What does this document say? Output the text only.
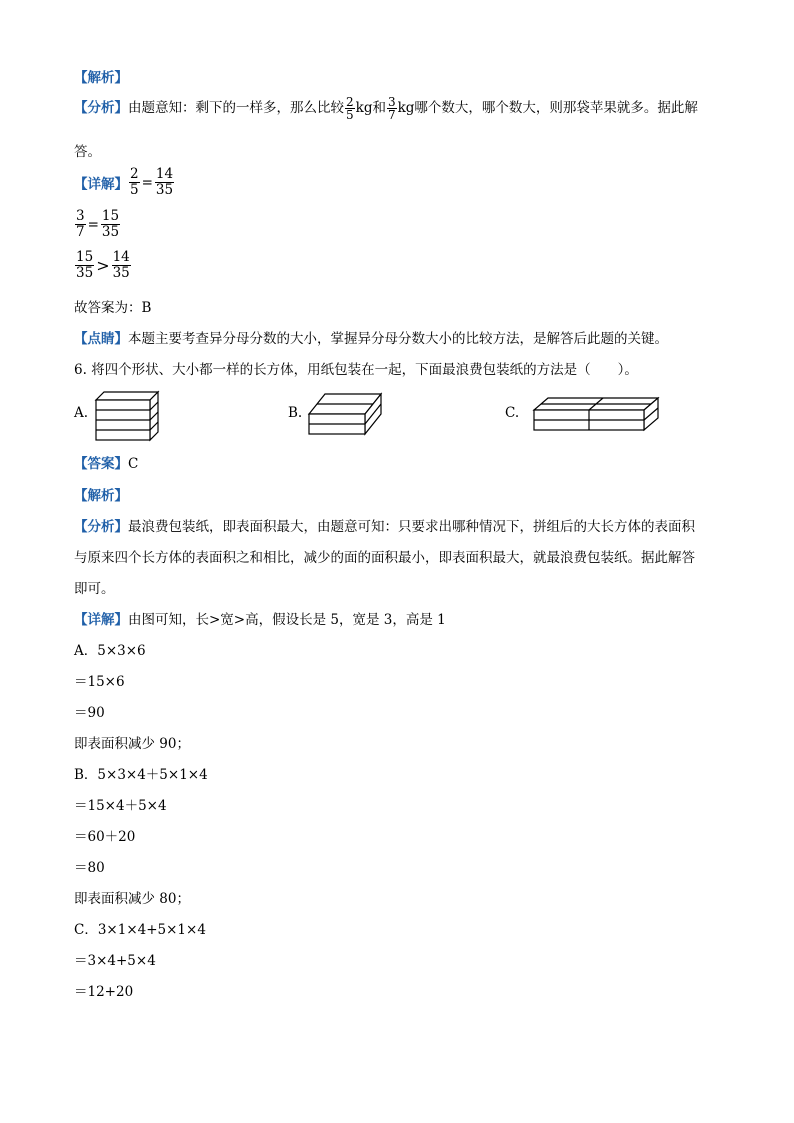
【解析】
【分析】由题意知：剩下的一样多，那么比较 $\frac{2}{5}$ kg和 $\frac{3}{7}$ kg哪个数大，哪个数大，则那袋苹果就多。据此解
答。
【详解】 $\frac{2}{5} = \frac{14}{35}$
$\frac{3}{7} = \frac{15}{35}$
$\frac{15}{35} > \frac{14}{35}$
故答案为：B
【点睛】本题主要考查异分母分数的大小，掌握异分母分数大小的比较方法，是解答后此题的关键。
6. 将四个形状、大小都一样的长方体，用纸包装在一起，下面最浪费包装纸的方法是（　　）。
A.	B.	C.
【答案】C
【解析】
【分析】最浪费包装纸，即表面积最大，由题意可知：只要求出哪种情况下，拼组后的大长方体的表面积
与原来四个长方体的表面积之和相比，减少的面的面积最小，即表面积最大，就最浪费包装纸。据此解答
即可。
【详解】由图可知，长>宽>高，假设长是 5，宽是 3，高是 1
A．5×3×6
＝15×6
＝90
即表面积减少 90；
B．5×3×4＋5×1×4
＝15×4＋5×4
＝60＋20
＝80
即表面积减少 80；
C．3×1×4+5×1×4
＝3×4+5×4
＝12+20
